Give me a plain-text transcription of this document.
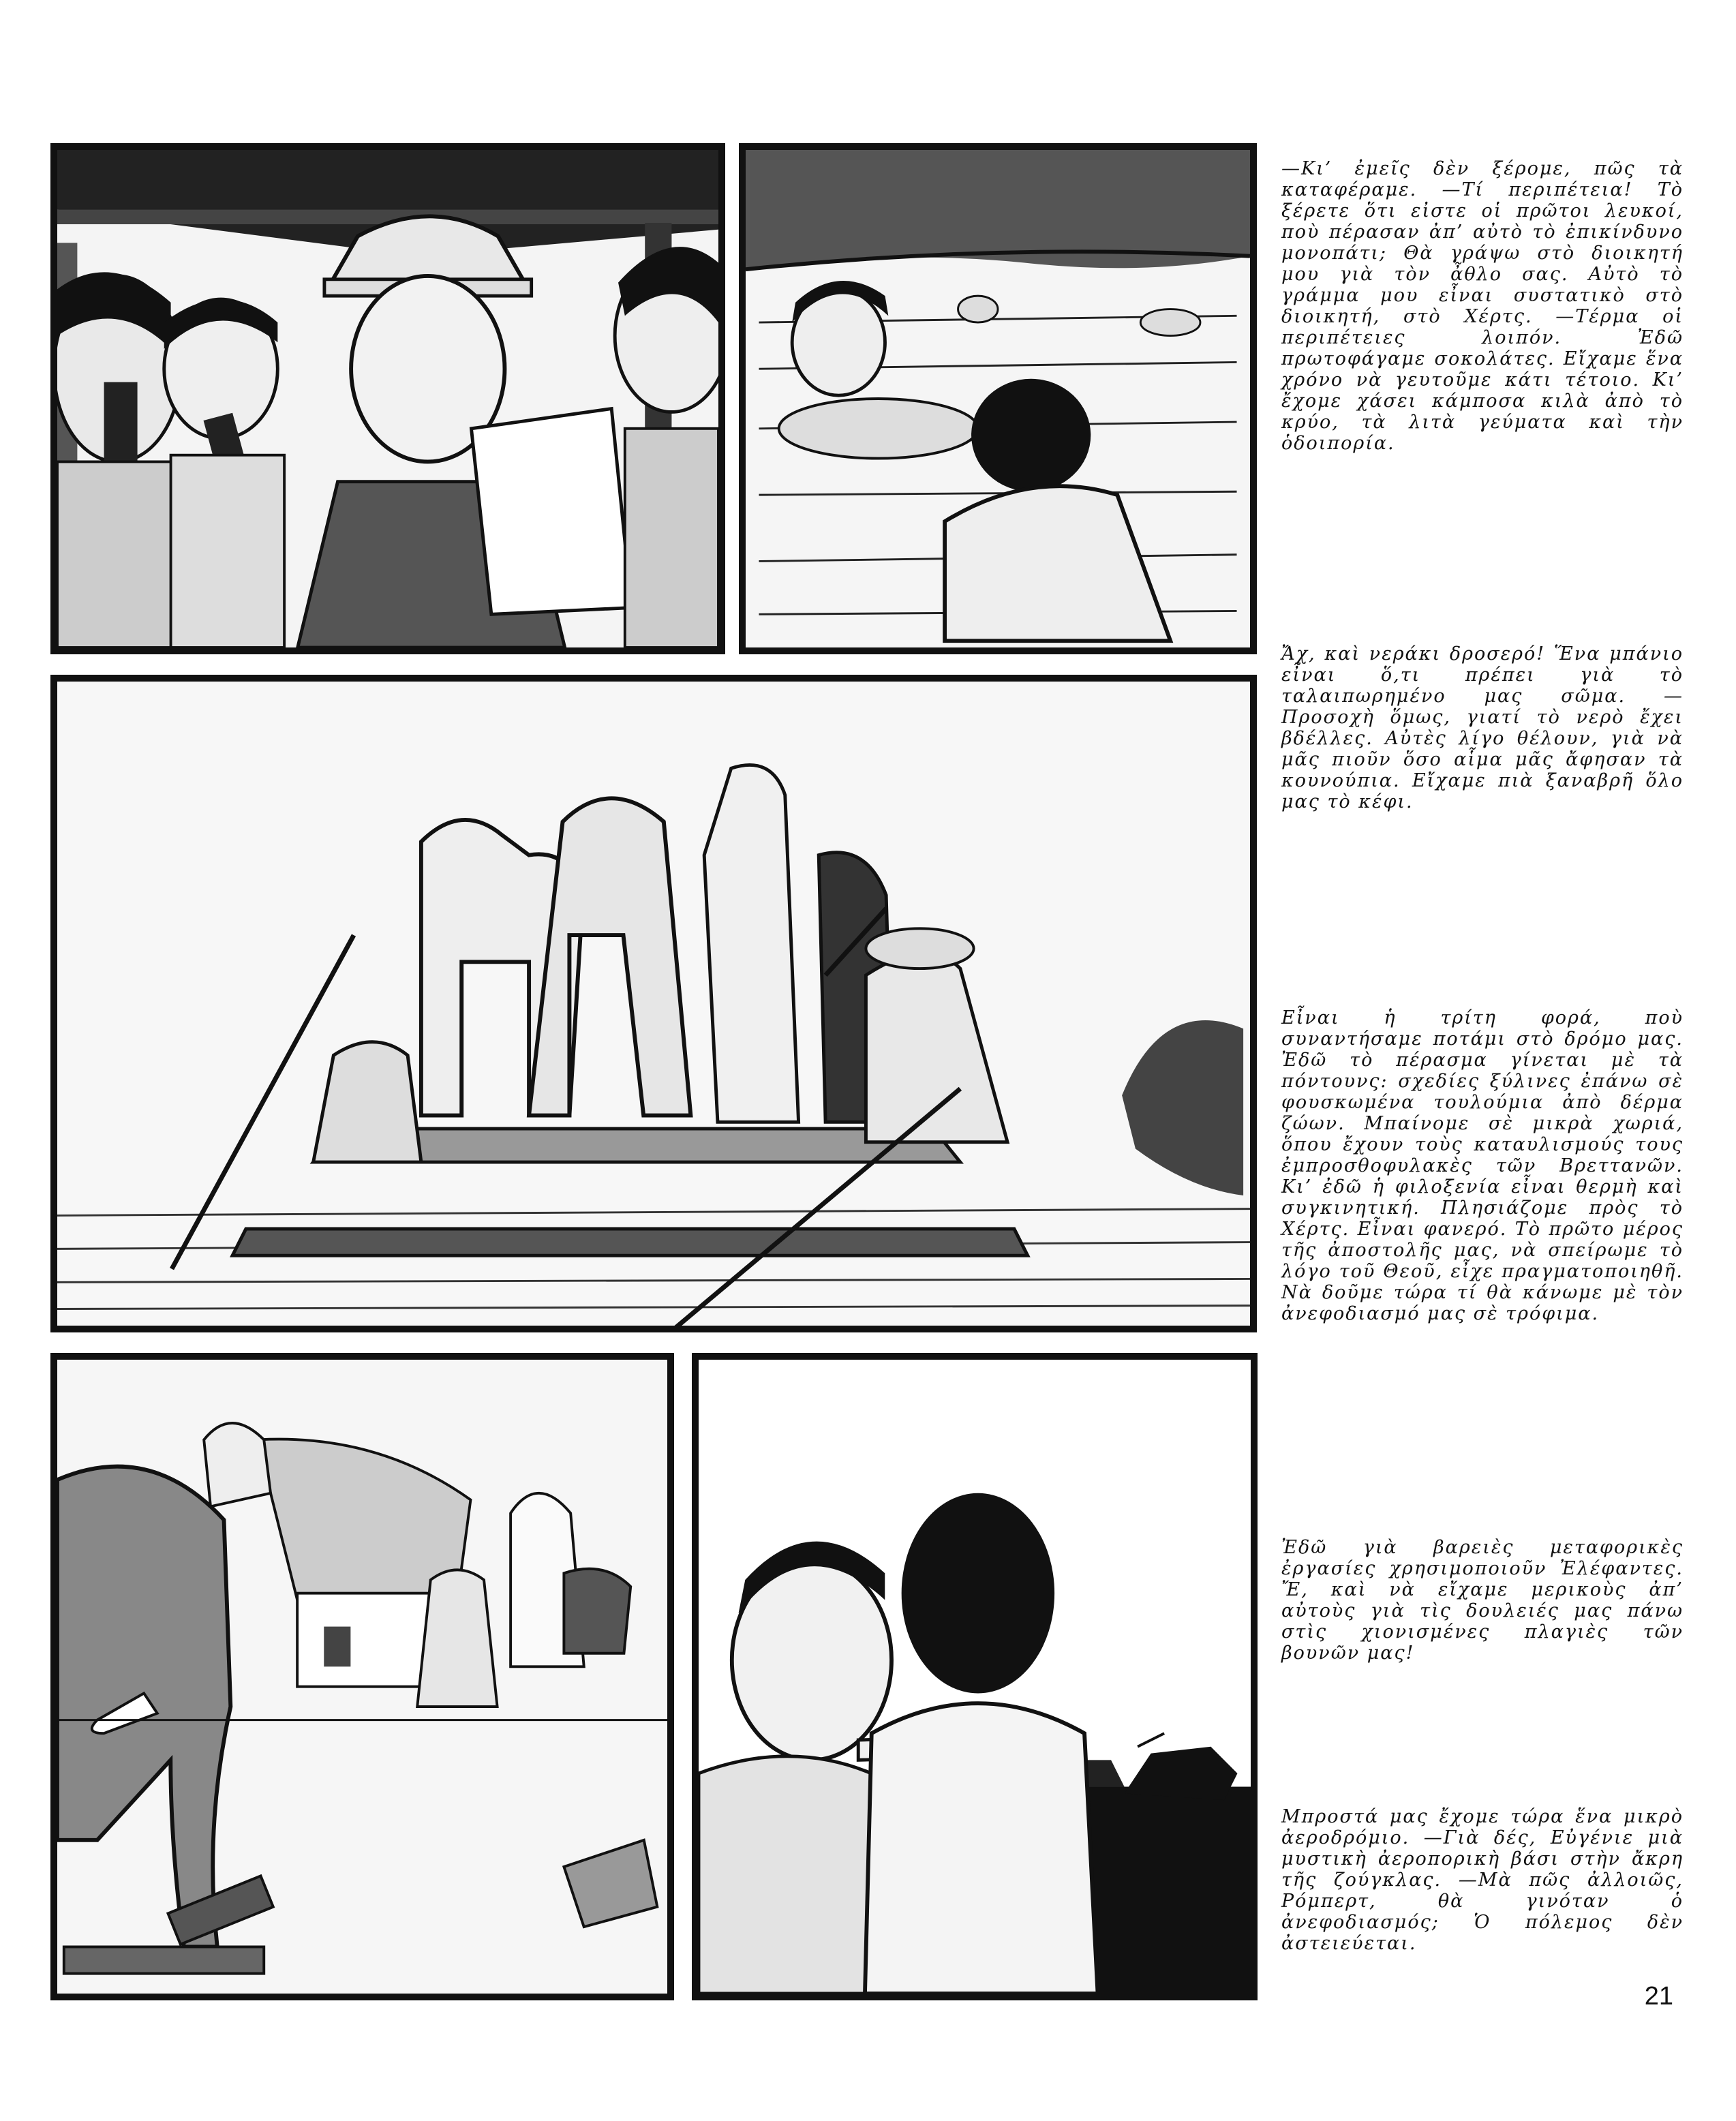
—Κι’ ἐμεῖς δὲν ξέρομε, πῶς τὰ καταφέραμε. —Τί περιπέτεια! Τὸ ξέρετε ὅτι εἰστε οἱ πρῶτοι λευκοί, ποὺ πέρασαν ἀπ’ αὐτὸ τὸ ἐπικίνδυνο μονοπάτι; Θὰ γράψω στὸ διοικητή μου γιὰ τὸν ἆθλο σας. Αὐτὸ τὸ γράμμα μου εἶναι συστατικὸ στὸ διοικητή, στὸ Χέρτς. —Τέρμα οἱ περιπέτειες λοιπόν. Ἐδῶ πρωτοφάγαμε σοκολάτες. Εἴχαμε ἕνα χρόνο νὰ γευτοῦμε κάτι τέτοιο. Κι’ ἔχομε χάσει κάμποσα κιλὰ ἀπὸ τὸ κρύο, τὰ λιτὰ γεύματα καὶ τὴν ὁδοιπορία.
Ἄχ, καὶ νεράκι δροσερό! Ἕνα μπάνιο εἶναι ὅ,τι πρέπει γιὰ τὸ ταλαιπωρημένο μας σῶμα. —Προσοχὴ ὅμως, γιατί τὸ νερὸ ἔχει βδέλλες. Αὐτὲς λίγο θέλουν, γιὰ νὰ μᾶς πιοῦν ὅσο αἷμα μᾶς ἄφησαν τὰ κουνούπια. Εἴχαμε πιὰ ξαναβρῆ ὅλο μας τὸ κέφι.
Εἶναι ἡ τρίτη φορά, ποὺ συναντήσαμε ποτάμι στὸ δρόμο μας. Ἐδῶ τὸ πέρασμα γίνεται μὲ τὰ πόντουνς: σχεδίες ξύλινες ἐπάνω σὲ φουσκωμένα τουλούμια ἀπὸ δέρμα ζώων. Μπαίνομε σὲ μικρὰ χωριά, ὅπου ἔχουν τοὺς καταυλισμούς τους ἐμπροσθοφυλακὲς τῶν Βρεττανῶν. Κι’ ἐδῶ ἡ φιλοξενία εἶναι θερμὴ καὶ συγκινητική. Πλησιάζομε πρὸς τὸ Χέρτς. Εἶναι φανερό. Τὸ πρῶτο μέρος τῆς ἀποστολῆς μας, νὰ σπείρωμε τὸ λόγο τοῦ Θεοῦ, εἶχε πραγματοποιηθῆ. Νὰ δοῦμε τώρα τί θὰ κάνωμε μὲ τὸν ἀνεφοδιασμό μας σὲ τρόφιμα.
Ἐδῶ γιὰ βαρειὲς μεταφορικὲς ἐργασίες χρησιμοποιοῦν Ἐλέφαντες. Ἔ, καὶ νὰ εἴχαμε μερικοὺς ἀπ’ αὐτοὺς γιὰ τὶς δουλειές μας πάνω στὶς χιονισμένες πλαγιὲς τῶν βουνῶν μας!
Μπροστά μας ἔχομε τώρα ἕνα μικρὸ ἀεροδρόμιο. —Γιὰ δές, Εὐγένιε μιὰ μυστικὴ ἀεροπορικὴ βάσι στὴν ἄκρη τῆς ζούγκλας. —Μὰ πῶς ἀλλοιῶς, Ρόμπερτ, θὰ γινόταν ὁ ἀνεφοδιασμός; Ὁ πόλεμος δὲν ἀστειεύεται.
21
